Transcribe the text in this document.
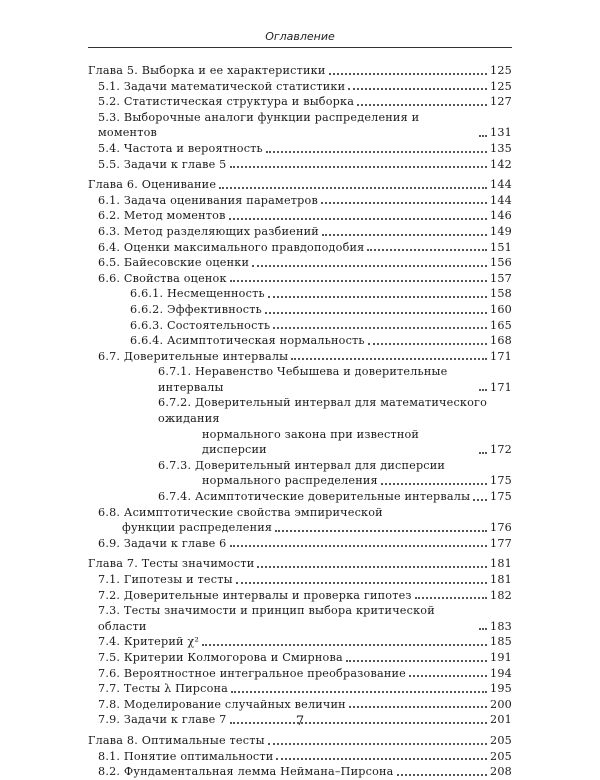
Оглавление
Глава 5. Выборка и ее характеристики	125
5.1. Задачи математической статистики	125
5.2. Статистическая структура и выборка	127
5.3. Выборочные аналоги функции распределения и моментов	131
5.4. Частота и вероятность	135
5.5. Задачи к главе 5	142
Глава 6. Оценивание	144
6.1. Задача оценивания параметров	144
6.2. Метод моментов	146
6.3. Метод разделяющих разбиений	149
6.4. Оценки максимального правдоподобия	151
6.5. Байесовские оценки	156
6.6. Свойства оценок	157
6.6.1. Несмещенность	158
6.6.2. Эффективность	160
6.6.3. Состоятельность	165
6.6.4. Асимптотическая нормальность	168
6.7. Доверительные интервалы	171
6.7.1. Неравенство Чебышева и доверительные интервалы	171
6.7.2. Доверительный интервал для математического ожидания
нормального закона при известной дисперсии	172
6.7.3. Доверительный интервал для дисперсии
нормального распределения	175
6.7.4. Асимптотические доверительные интервалы 175
6.8. Асимптотические свойства эмпирической
функции распределения	176
6.9. Задачи к главе 6	177
Глава 7. Тесты значимости	181
7.1. Гипотезы и тесты	181
7.2. Доверительные интервалы и проверка гипотез	182
7.3. Тесты значимости и принцип выбора критической области	183
7.4. Критерий χ²	185
7.5. Критерии Колмогорова и Смирнова	191
7.6. Вероятностное интегральное преобразование	194
7.7. Тесты λ Пирсона	195
7.8. Моделирование случайных величин	200
7.9. Задачи к главе 7	201
Глава 8. Оптимальные тесты	205
8.1. Понятие оптимальности	205
8.2. Фундаментальная лемма Неймана–Пирсона	208
7
